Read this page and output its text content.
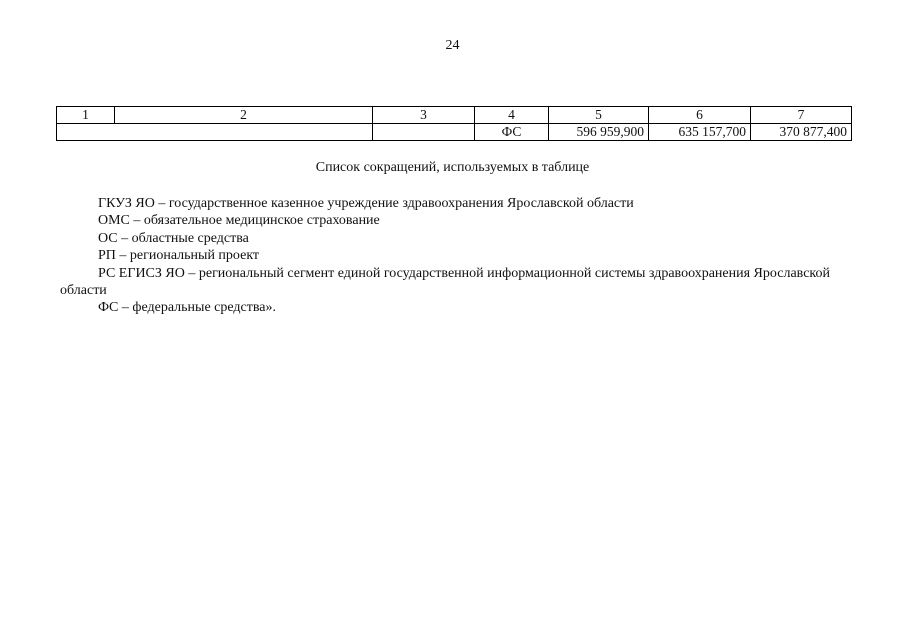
24
1	2	3	4	5	6	7
			ФС	596 959,900	635 157,700	370 877,400
Список сокращений, используемых в таблице

ГКУЗ ЯО – государственное казенное учреждение здравоохранения Ярославской области

ОМС – обязательное медицинское страхование

ОС – областные средства

РП – региональный проект

РС ЕГИСЗ ЯО – региональный сегмент единой государственной информационной системы здравоохранения Ярославской области

ФС – федеральные средства».
